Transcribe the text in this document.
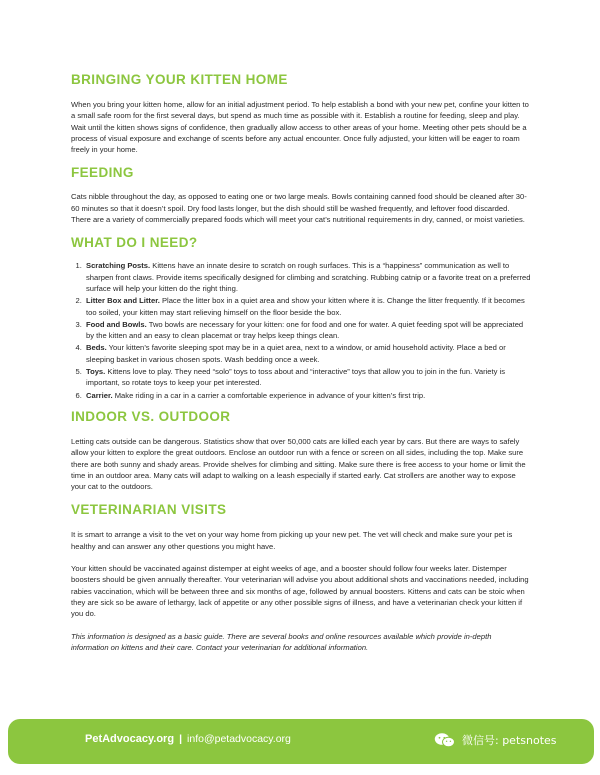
BRINGING YOUR KITTEN HOME

When you bring your kitten home, allow for an initial adjustment period. To help establish a bond with your new pet, confine your kitten to a small safe room for the first several days, but spend as much time as possible with it. Establish a routine for feeding, sleep and play. Wait until the kitten shows signs of confidence, then gradually allow access to other areas of your home. Meeting other pets should be a process of visual exposure and exchange of scents before any actual encounter. Once fully adjusted, your kitten will be eager to roam freely in your home.

FEEDING

Cats nibble throughout the day, as opposed to eating one or two large meals. Bowls containing canned food should be cleaned after 30-60 minutes so that it doesn’t spoil. Dry food lasts longer, but the dish should still be washed frequently, and leftover food discarded. There are a variety of commercially prepared foods which will meet your cat’s nutritional requirements in dry, canned, or moist varieties.

WHAT DO I NEED?
1. Scratching Posts. Kittens have an innate desire to scratch on rough surfaces. This is a “happiness” communication as well to sharpen front claws. Provide items specifically designed for climbing and scratching. Rubbing catnip or a favorite treat on a preferred surface will help your kitten do the right thing.
2. Litter Box and Litter. Place the litter box in a quiet area and show your kitten where it is. Change the litter frequently. If it becomes too soiled, your kitten may start relieving himself on the floor beside the box.
3. Food and Bowls. Two bowls are necessary for your kitten: one for food and one for water. A quiet feeding spot will be appreciated by the kitten and an easy to clean placemat or tray helps keep things clean.
4. Beds. Your kitten’s favorite sleeping spot may be in a quiet area, next to a window, or amid household activity. Place a bed or sleeping basket in various chosen spots. Wash bedding once a week.
5. Toys. Kittens love to play. They need “solo” toys to toss about and “interactive” toys that allow you to join in the fun. Variety is important, so rotate toys to keep your pet interested.
6. Carrier. Make riding in a car in a carrier a comfortable experience in advance of your kitten’s first trip.
INDOOR VS. OUTDOOR

Letting cats outside can be dangerous. Statistics show that over 50,000 cats are killed each year by cars. But there are ways to safely allow your kitten to explore the great outdoors. Enclose an outdoor run with a fence or screen on all sides, including the top. Make sure there are both sunny and shady areas. Provide shelves for climbing and sitting. Make sure there is free access to your home or limit the time in an outdoor area. Many cats will adapt to walking on a leash especially if started early. Cat strollers are another way to expose your cat to the outdoors.

VETERINARIAN VISITS

It is smart to arrange a visit to the vet on your way home from picking up your new pet. The vet will check and make sure your pet is healthy and can answer any other questions you might have.

Your kitten should be vaccinated against distemper at eight weeks of age, and a booster should follow four weeks later. Distemper boosters should be given annually thereafter. Your veterinarian will advise you about additional shots and vaccinations needed, including rabies vaccination, which will be between three and six months of age, followed by annual boosters. Kittens and cats can be stoic when they are sick so be aware of lethargy, lack of appetite or any other possible signs of illness, and have a veterinarian check your kitten if you do.

This information is designed as a basic guide. There are several books and online resources available which provide in-depth information on kittens and their care. Contact your veterinarian for additional information.

PetAdvocacy.org | info@petadvocacy.org	微信号: petsnotes
